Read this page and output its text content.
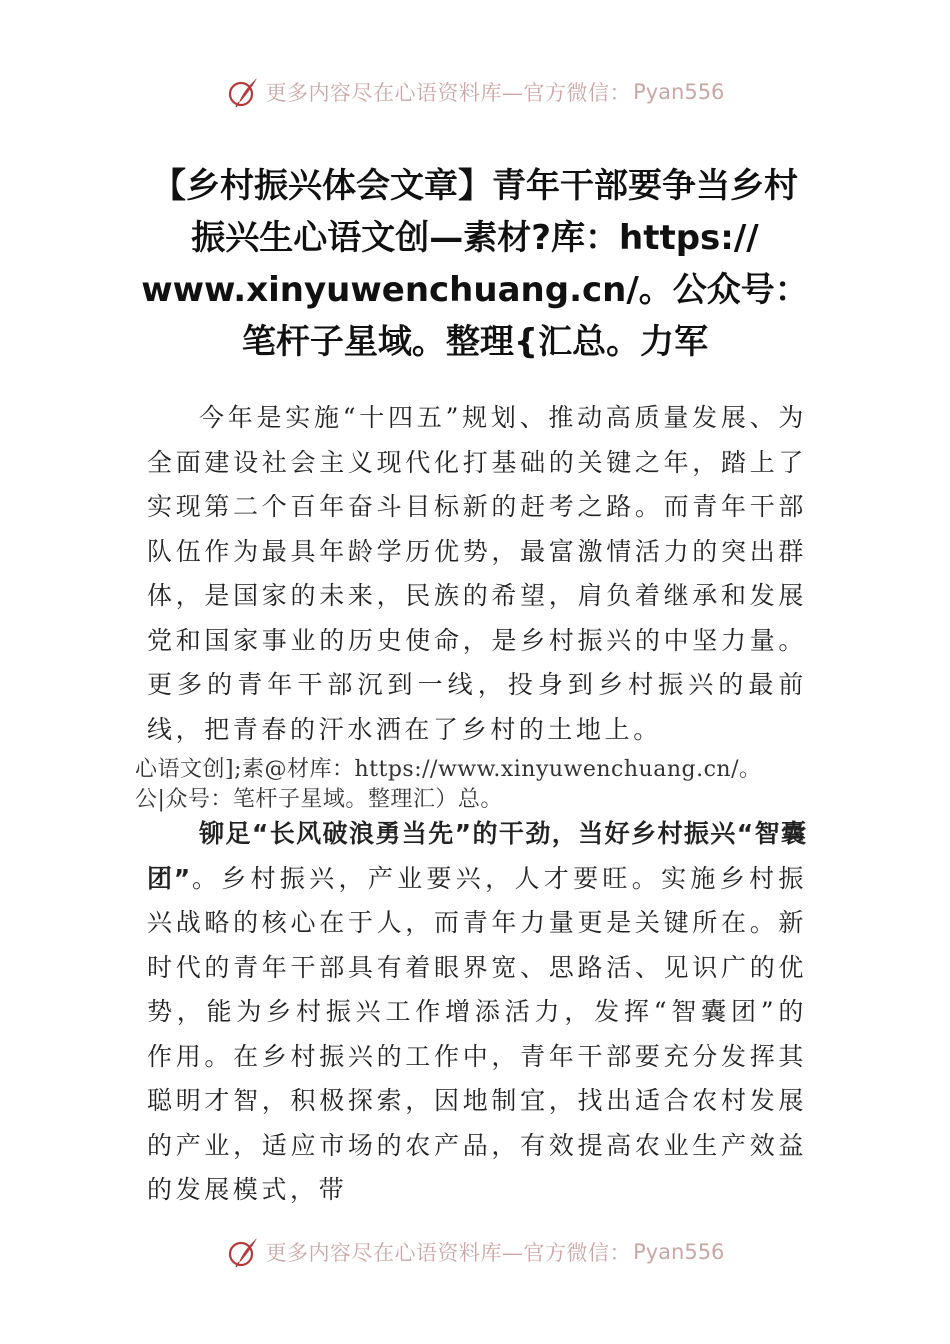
更多内容尽在心语资料库—官方微信： Pyan556
【乡村振兴体会文章】青年干部要争当乡村
振兴生心语文创—素材?库：https://
www.xinyuwenchuang.cn/。公众号：
笔杆子星域。整理{汇总。力军

今年是实施“十四五”规划、推动高质量发展、为全面建设社会主义现代化打基础的关键之年，踏上了实现第二个百年奋斗目标新的赶考之路。而青年干部队伍作为最具年龄学历优势，最富激情活力的突出群体，是国家的未来，民族的希望，肩负着继承和发展党和国家事业的历史使命，是乡村振兴的中坚力量。更多的青年干部沉到一线，投身到乡村振兴的最前线，把青春的汗水洒在了乡村的土地上。

心语文创];素@材库：https://www.xinyuwenchuang.cn/。
公|众号：笔杆子星域。整理汇）总。

铆足“长风破浪勇当先”的干劲，当好乡村振兴“智囊团”。乡村振兴，产业要兴，人才要旺。实施乡村振兴战略的核心在于人，而青年力量更是关键所在。新时代的青年干部具有着眼界宽、思路活、见识广的优势，能为乡村振兴工作增添活力，发挥“智囊团”的作用。在乡村振兴的工作中，青年干部要充分发挥其聪明才智，积极探索，因地制宜，找出适合农村发展的产业，适应市场的农产品，有效提高农业生产效益的发展模式，带

更多内容尽在心语资料库—官方微信： Pyan556
